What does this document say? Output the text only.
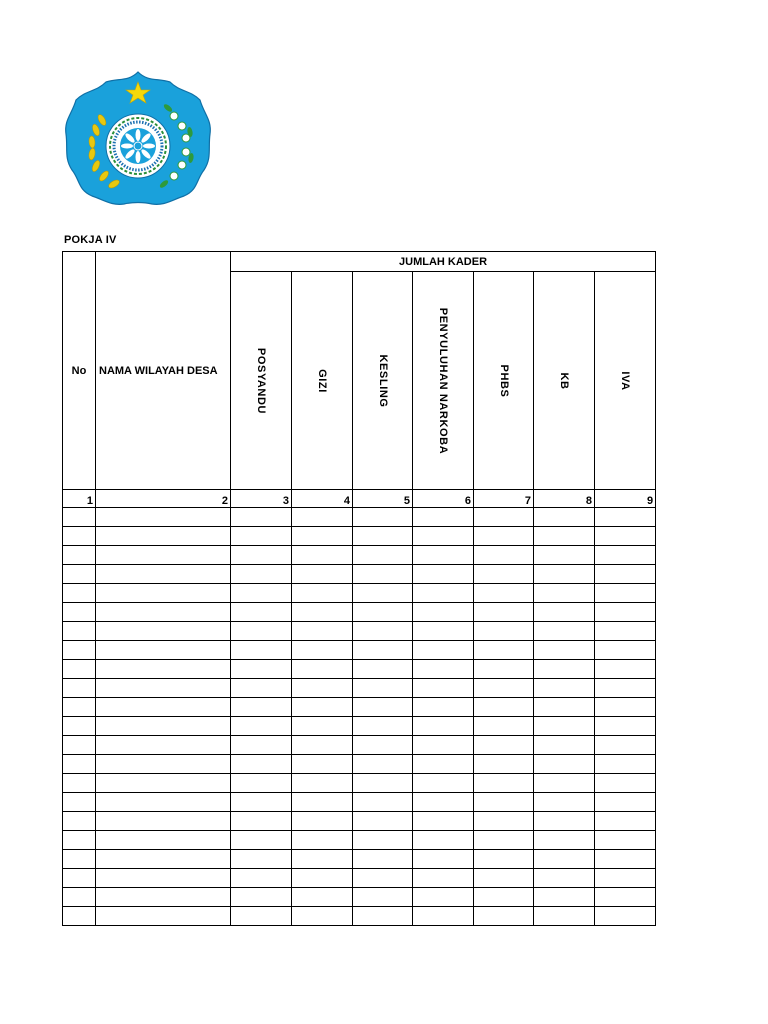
POKJA IV
No	NAMA WILAYAH DESA	JUMLAH KADER						

		POSYANDU	GIZI	KESLING	PENYULUHAN NARKOBA	PHBS	KB	IVA

1	2	3	4	5	6	7	8	9
